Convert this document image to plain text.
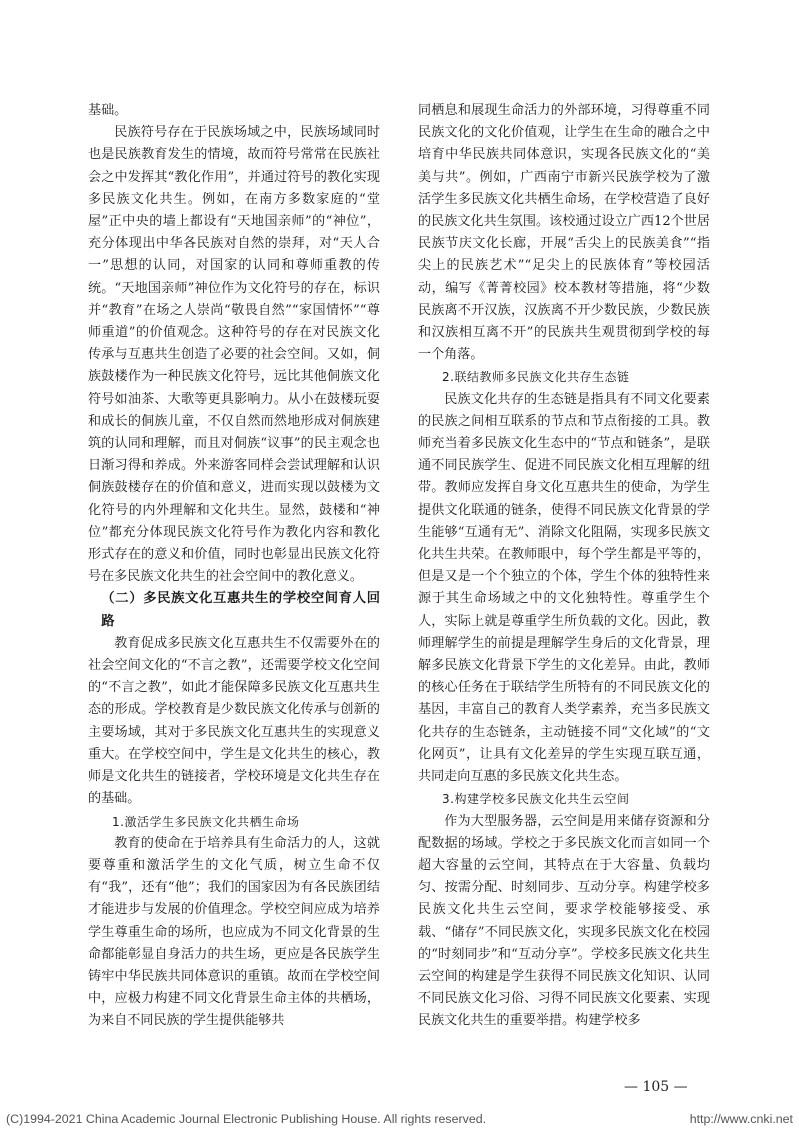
基础。

民族符号存在于民族场域之中，民族场域同时也是民族教育发生的情境，故而符号常常在民族社会之中发挥其“教化作用”，并通过符号的教化实现多民族文化共生。例如，在南方多数家庭的“堂屋”正中央的墙上都设有“天地国亲师”的“神位”，充分体现出中华各民族对自然的崇拜，对“天人合一”思想的认同，对国家的认同和尊师重教的传统。“天地国亲师”神位作为文化符号的存在，标识并“教育”在场之人崇尚“敬畏自然”“家国情怀”“尊师重道”的价值观念。这种符号的存在对民族文化传承与互惠共生创造了必要的社会空间。又如，侗族鼓楼作为一种民族文化符号，远比其他侗族文化符号如油茶、大歌等更具影响力。从小在鼓楼玩耍和成长的侗族儿童，不仅自然而然地形成对侗族建筑的认同和理解，而且对侗族“议事”的民主观念也日渐习得和养成。外来游客同样会尝试理解和认识侗族鼓楼存在的价值和意义，进而实现以鼓楼为文化符号的内外理解和文化共生。显然，鼓楼和“神位”都充分体现民族文化符号作为教化内容和教化形式存在的意义和价值，同时也彰显出民族文化符号在多民族文化共生的社会空间中的教化意义。

（二）多民族文化互惠共生的学校空间育人回路

教育促成多民族文化互惠共生不仅需要外在的社会空间文化的“不言之教”，还需要学校文化空间的“不言之教”，如此才能保障多民族文化互惠共生态的形成。学校教育是少数民族文化传承与创新的主要场域，其对于多民族文化互惠共生的实现意义重大。在学校空间中，学生是文化共生的核心，教师是文化共生的链接者，学校环境是文化共生存在的基础。

1.激活学生多民族文化共栖生命场

教育的使命在于培养具有生命活力的人，这就要尊重和激活学生的文化气质，树立生命不仅有“我”，还有“他”；我们的国家因为有各民族团结才能进步与发展的价值理念。学校空间应成为培养学生尊重生命的场所，也应成为不同文化背景的生命都能彰显自身活力的共生场，更应是各民族学生铸牢中华民族共同体意识的重镇。故而在学校空间中，应极力构建不同文化背景生命主体的共栖场，为来自不同民族的学生提供能够共

同栖息和展现生命活力的外部环境，习得尊重不同民族文化的文化价值观，让学生在生命的融合之中培育中华民族共同体意识，实现各民族文化的“美美与共”。例如，广西南宁市新兴民族学校为了激活学生多民族文化共栖生命场，在学校营造了良好的民族文化共生氛围。该校通过设立广西12个世居民族节庆文化长廊，开展“舌尖上的民族美食”“指尖上的民族艺术”“足尖上的民族体育”等校园活动，编写《菁菁校园》校本教材等措施，将“少数民族离不开汉族，汉族离不开少数民族，少数民族和汉族相互离不开”的民族共生观贯彻到学校的每一个角落。

2.联结教师多民族文化共存生态链

民族文化共存的生态链是指具有不同文化要素的民族之间相互联系的节点和节点衔接的工具。教师充当着多民族文化生态中的“节点和链条”，是联通不同民族学生、促进不同民族文化相互理解的纽带。教师应发挥自身文化互惠共生的使命，为学生提供文化联通的链条，使得不同民族文化背景的学生能够“互通有无”、消除文化阻隔，实现多民族文化共生共荣。在教师眼中，每个学生都是平等的，但是又是一个个独立的个体，学生个体的独特性来源于其生命场域之中的文化独特性。尊重学生个人，实际上就是尊重学生所负载的文化。因此，教师理解学生的前提是理解学生身后的文化背景，理解多民族文化背景下学生的文化差异。由此，教师的核心任务在于联结学生所特有的不同民族文化的基因，丰富自己的教育人类学素养，充当多民族文化共存的生态链条，主动链接不同“文化域”的“文化网页”，让具有文化差异的学生实现互联互通，共同走向互惠的多民族文化共生态。

3.构建学校多民族文化共生云空间

作为大型服务器，云空间是用来储存资源和分配数据的场域。学校之于多民族文化而言如同一个超大容量的云空间，其特点在于大容量、负载均匀、按需分配、时刻同步、互动分享。构建学校多民族文化共生云空间，要求学校能够接受、承载、“储存”不同民族文化，实现多民族文化在校园的“时刻同步”和“互动分享”。学校多民族文化共生云空间的构建是学生获得不同民族文化知识、认同不同民族文化习俗、习得不同民族文化要素、实现民族文化共生的重要举措。构建学校多

— 105 —
(C)1994-2021 China Academic Journal Electronic Publishing House. All rights reserved.	http://www.cnki.net
